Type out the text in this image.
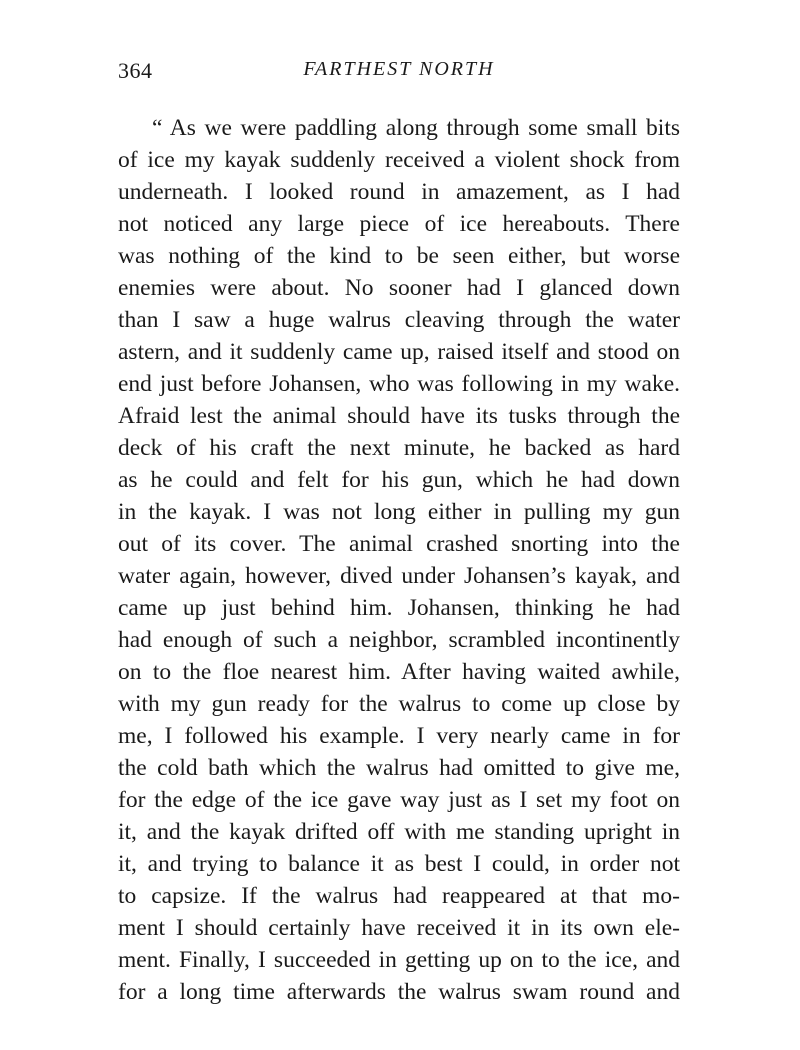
364	FARTHEST NORTH
“ As we were paddling along through some small bits
of ice my kayak suddenly received a violent shock from
underneath. I looked round in amazement, as I had
not noticed any large piece of ice hereabouts. There
was nothing of the kind to be seen either, but worse
enemies were about. No sooner had I glanced down
than I saw a huge walrus cleaving through the water
astern, and it suddenly came up, raised itself and stood on
end just before Johansen, who was following in my wake.
Afraid lest the animal should have its tusks through the
deck of his craft the next minute, he backed as hard
as he could and felt for his gun, which he had down
in the kayak. I was not long either in pulling my gun
out of its cover. The animal crashed snorting into the
water again, however, dived under Johansen’s kayak, and
came up just behind him. Johansen, thinking he had
had enough of such a neighbor, scrambled incontinently
on to the floe nearest him. After having waited awhile,
with my gun ready for the walrus to come up close by
me, I followed his example. I very nearly came in for
the cold bath which the walrus had omitted to give me,
for the edge of the ice gave way just as I set my foot on
it, and the kayak drifted off with me standing upright in
it, and trying to balance it as best I could, in order not
to capsize. If the walrus had reappeared at that mo-
ment I should certainly have received it in its own ele-
ment. Finally, I succeeded in getting up on to the ice, and
for a long time afterwards the walrus swam round and
